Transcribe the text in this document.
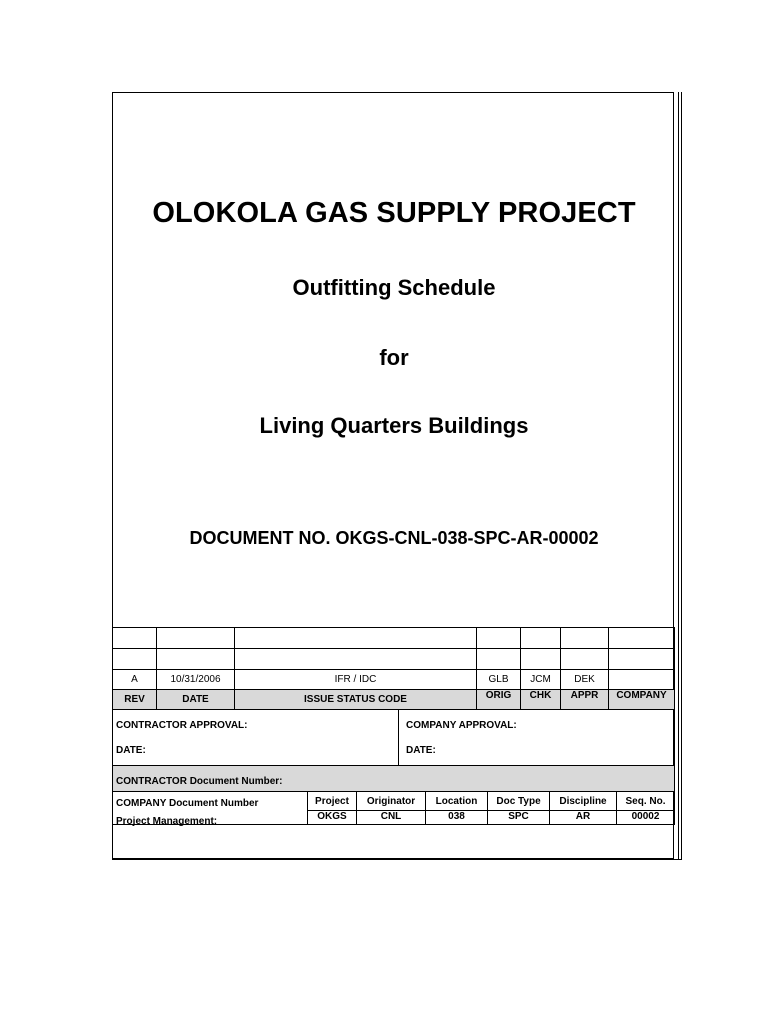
OLOKOLA GAS SUPPLY PROJECT
Outfitting Schedule
for
Living Quarters Buildings
DOCUMENT NO. OKGS-CNL-038-SPC-AR-00002
A	10/31/2006	IFR / IDC	GLB	JCM	DEK
REV	DATE	ISSUE STATUS CODE	ORIG	CHK	APPR	COMPANY
CONTRACTOR APPROVAL:
DATE:
COMPANY APPROVAL:
DATE:
CONTRACTOR Document Number:
COMPANY Document Number
Project Management:
Project	Originator	Location	Doc Type	Discipline	Seq. No.
OKGS	CNL	038	SPC	AR	00002
